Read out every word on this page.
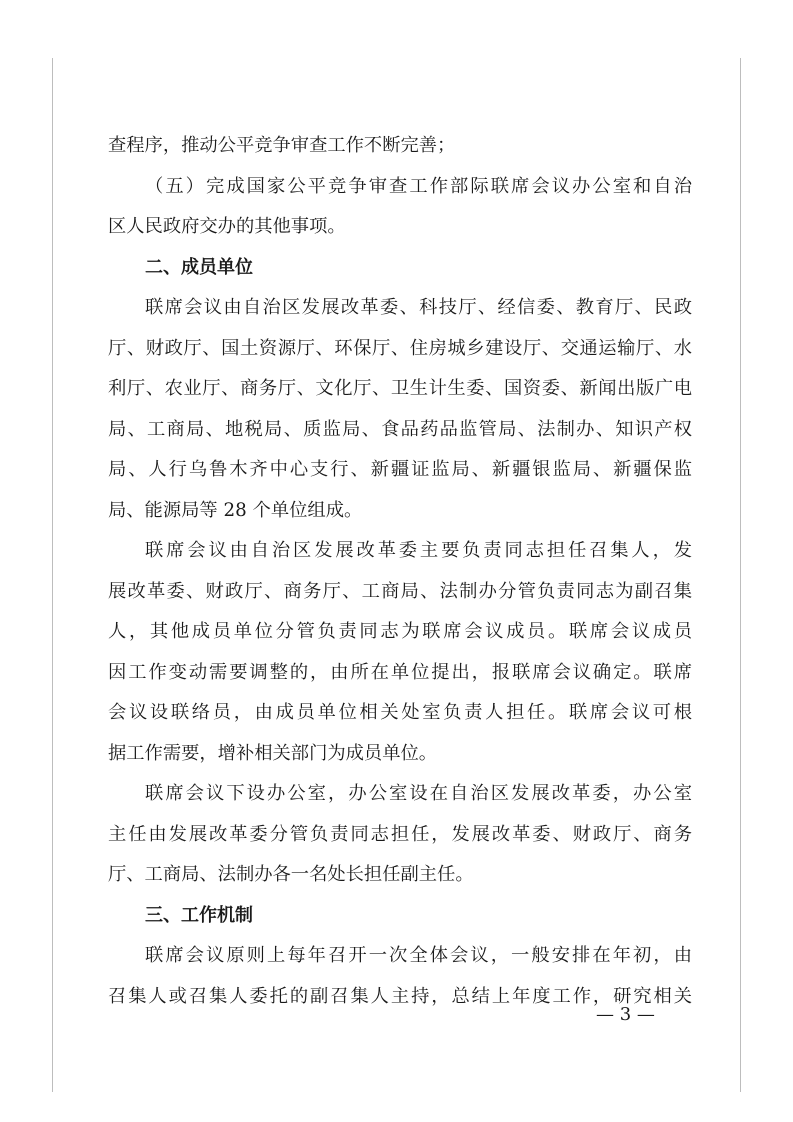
查程序，推动公平竞争审查工作不断完善；
（五）完成国家公平竞争审查工作部际联席会议办公室和自治
区人民政府交办的其他事项。
二、成员单位
联席会议由自治区发展改革委、科技厅、经信委、教育厅、民政
厅、财政厅、国土资源厅、环保厅、住房城乡建设厅、交通运输厅、水
利厅、农业厅、商务厅、文化厅、卫生计生委、国资委、新闻出版广电
局、工商局、地税局、质监局、食品药品监管局、法制办、知识产权
局、人行乌鲁木齐中心支行、新疆证监局、新疆银监局、新疆保监
局、能源局等 28 个单位组成。
联席会议由自治区发展改革委主要负责同志担任召集人，发
展改革委、财政厅、商务厅、工商局、法制办分管负责同志为副召集
人，其他成员单位分管负责同志为联席会议成员。联席会议成员
因工作变动需要调整的，由所在单位提出，报联席会议确定。联席
会议设联络员，由成员单位相关处室负责人担任。联席会议可根
据工作需要，增补相关部门为成员单位。
联席会议下设办公室，办公室设在自治区发展改革委，办公室
主任由发展改革委分管负责同志担任，发展改革委、财政厅、商务
厅、工商局、法制办各一名处长担任副主任。
三、工作机制
联席会议原则上每年召开一次全体会议，一般安排在年初，由
召集人或召集人委托的副召集人主持，总结上年度工作，研究相关
— 3 —
